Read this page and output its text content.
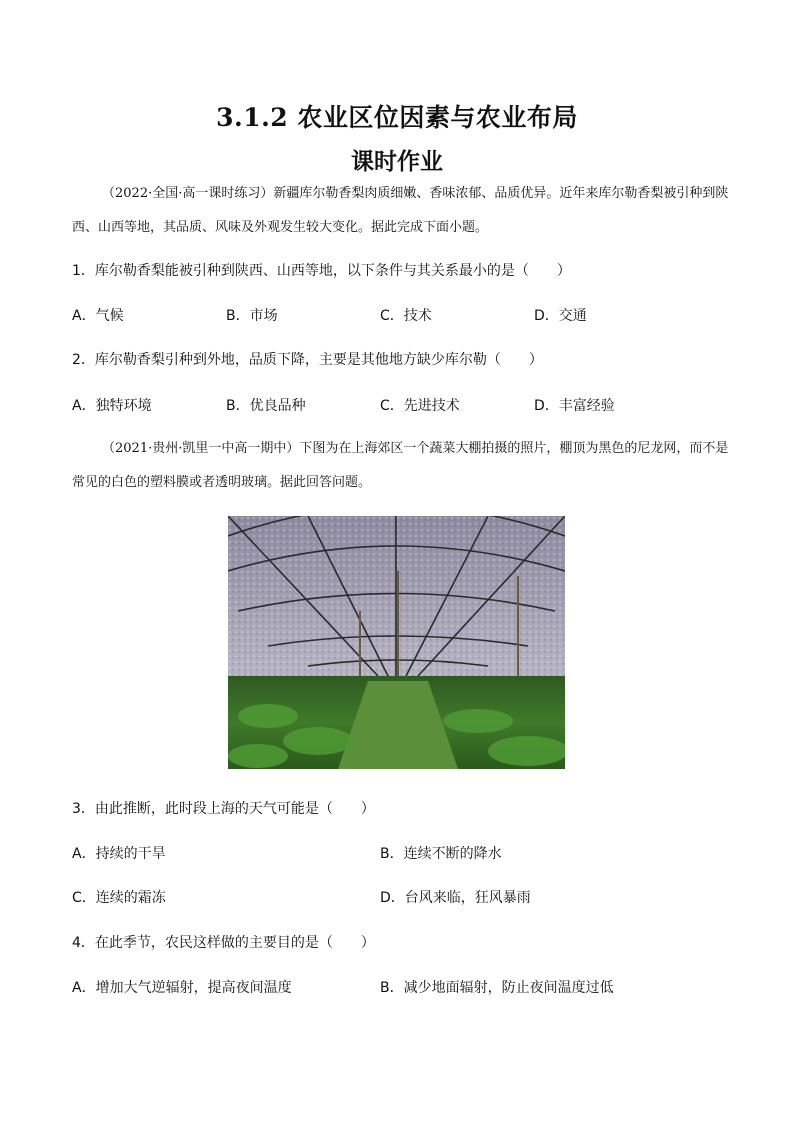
3.1.2 农业区位因素与农业布局
课时作业
（2022·全国·高一课时练习）新疆库尔勒香梨肉质细嫩、香味浓郁、品质优异。近年来库尔勒香梨被引种到陕西、山西等地，其品质、风味及外观发生较大变化。据此完成下面小题。
1．库尔勒香梨能被引种到陕西、山西等地，以下条件与其关系最小的是（　　）
A．气候	B．市场	C．技术	D．交通
2．库尔勒香梨引种到外地，品质下降，主要是其他地方缺少库尔勒（　　）
A．独特环境	B．优良品种	C．先进技术	D．丰富经验
（2021·贵州·凯里一中高一期中）下图为在上海郊区一个蔬菜大棚拍摄的照片，棚顶为黑色的尼龙网，而不是常见的白色的塑料膜或者透明玻璃。据此回答问题。
3．由此推断，此时段上海的天气可能是（　　）
A．持续的干旱	B．连续不断的降水
C．连续的霜冻	D．台风来临，狂风暴雨
4．在此季节，农民这样做的主要目的是（　　）
A．增加大气逆辐射，提高夜间温度	B．减少地面辐射，防止夜间温度过低
